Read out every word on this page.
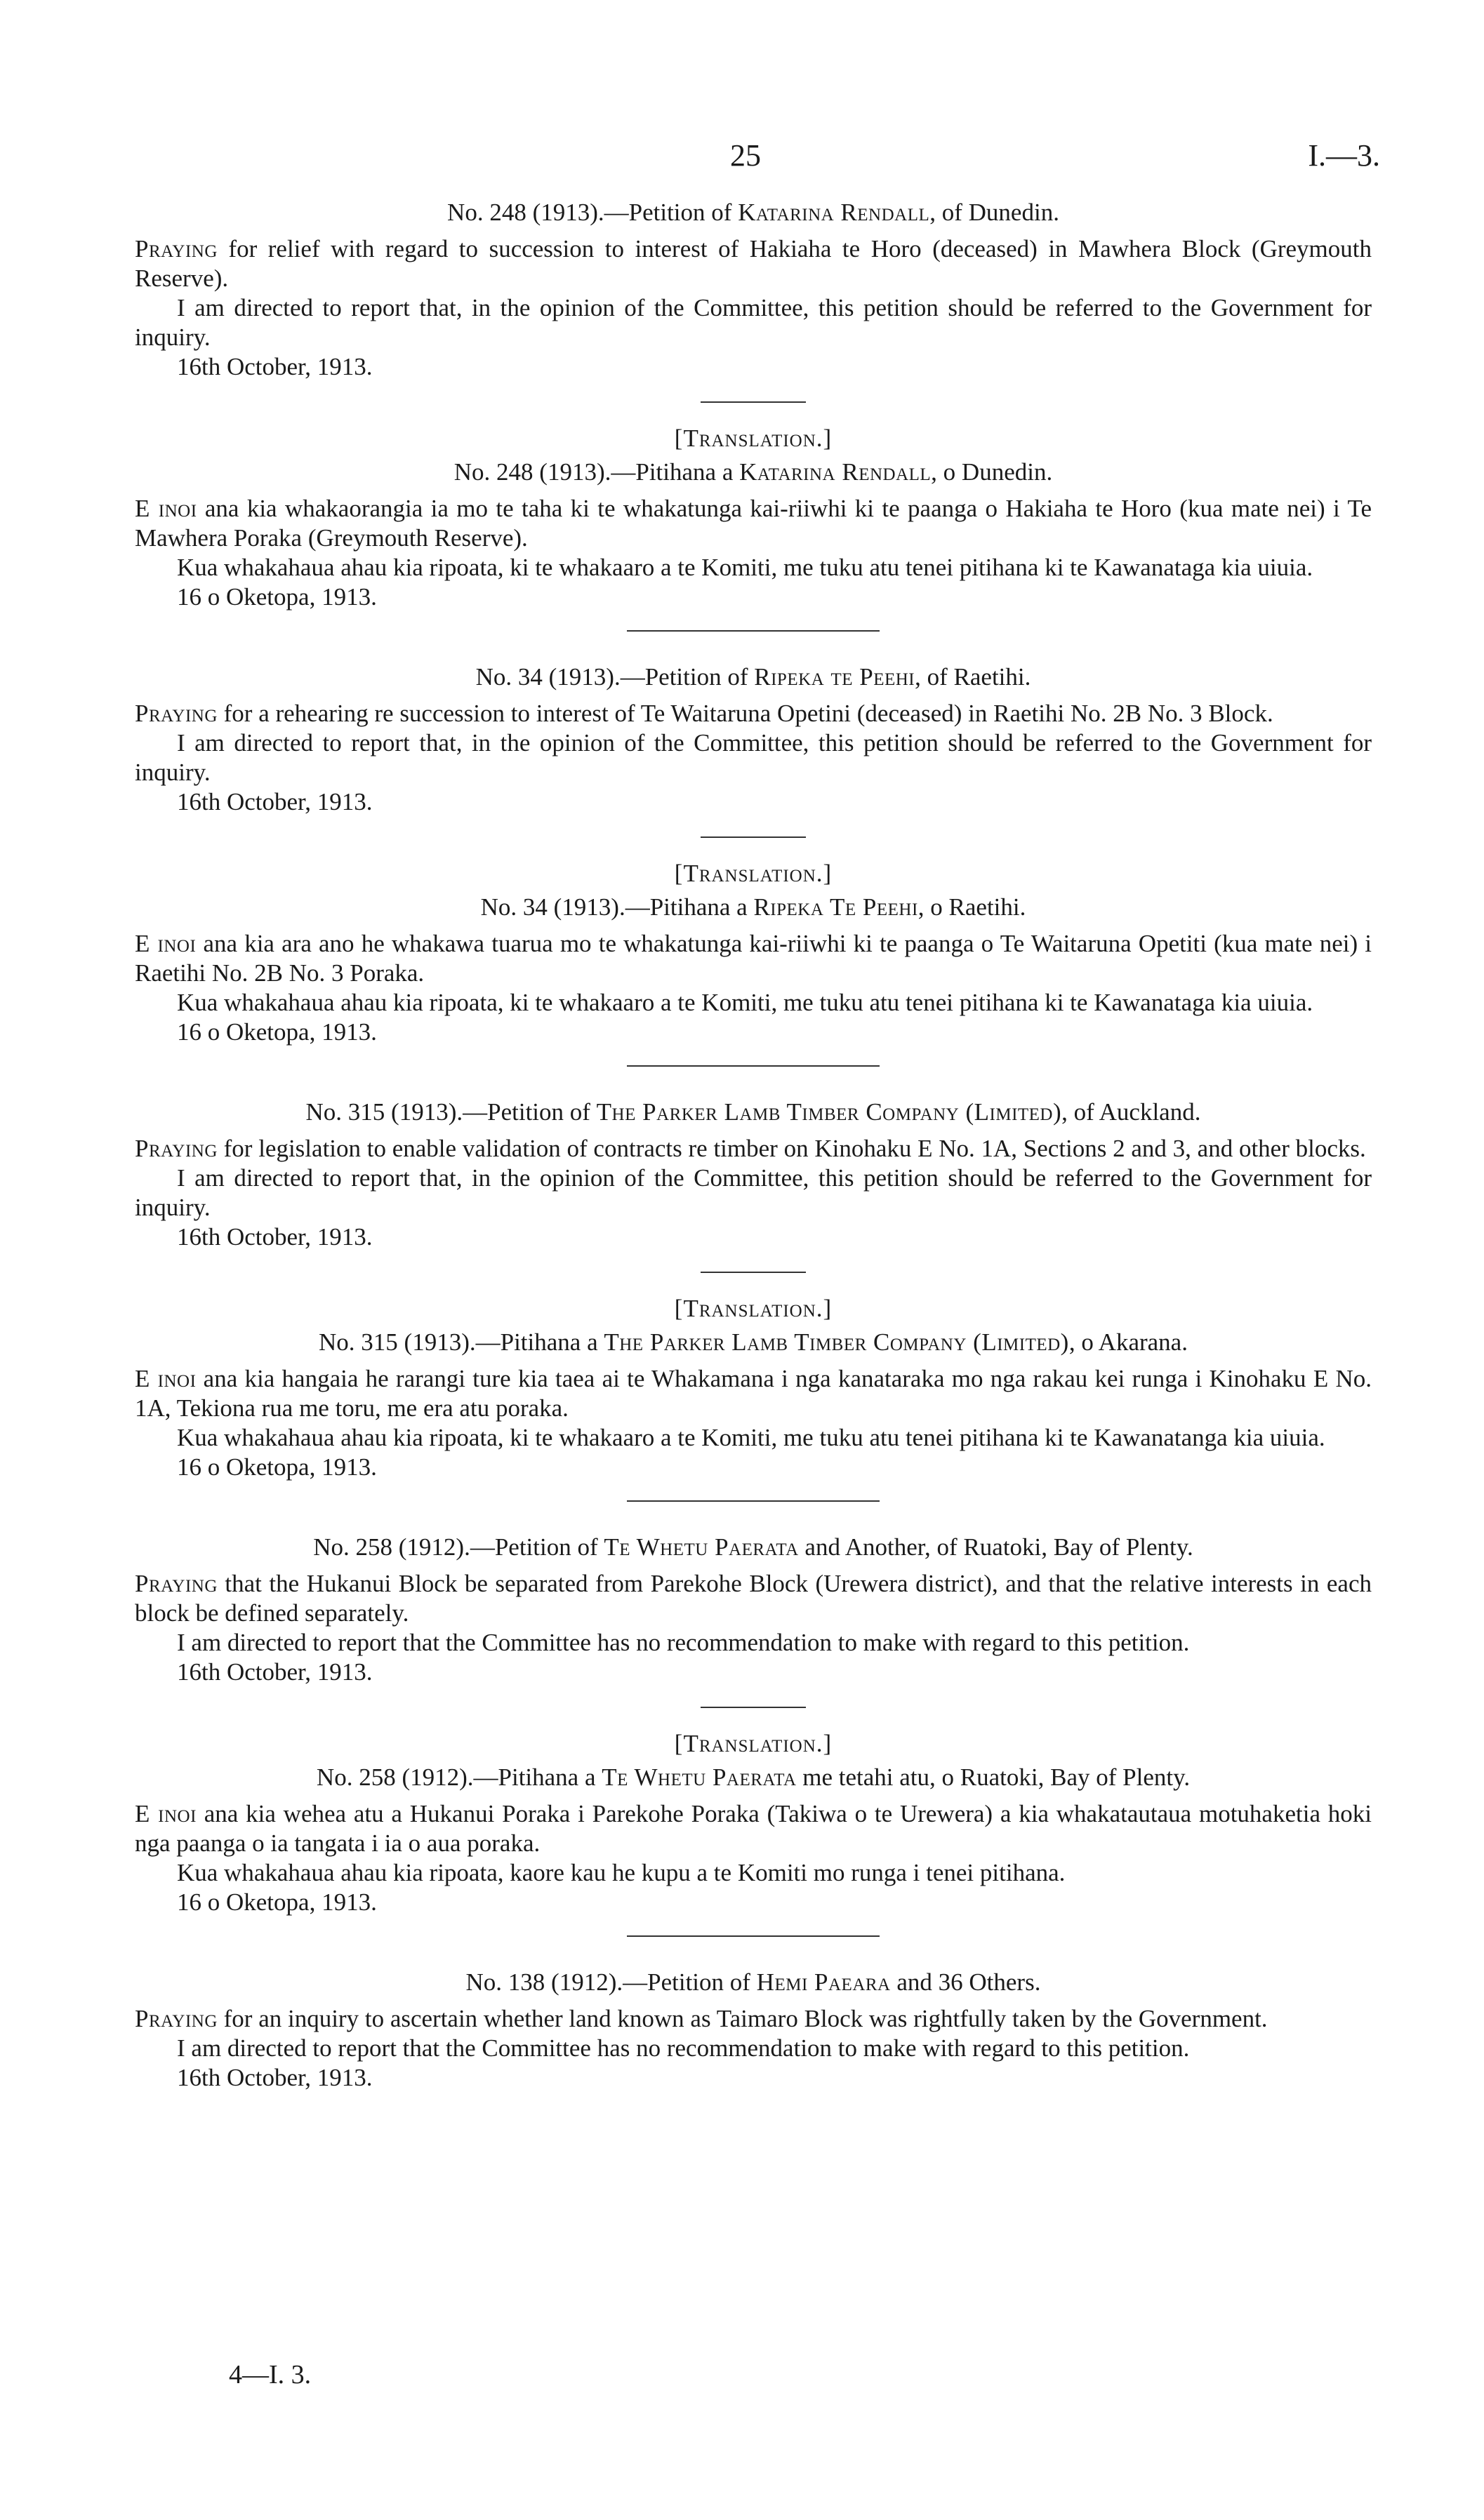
25	I.—3.

No. 248 (1913).—Petition of Katarina Rendall, of Dunedin.

Praying for relief with regard to succession to interest of Hakiaha te Horo (deceased) in Mawhera Block (Greymouth Reserve).

I am directed to report that, in the opinion of the Committee, this petition should be referred to the Government for inquiry.

16th October, 1913.

[Translation.]

No. 248 (1913).—Pitihana a Katarina Rendall, o Dunedin.

E inoi ana kia whakaorangia ia mo te taha ki te whakatunga kai-riiwhi ki te paanga o Hakiaha te Horo (kua mate nei) i Te Mawhera Poraka (Greymouth Reserve).

Kua whakahaua ahau kia ripoata, ki te whakaaro a te Komiti, me tuku atu tenei pitihana ki te Kawanataga kia uiuia.

16 o Oketopa, 1913.

No. 34 (1913).—Petition of Ripeka te Peehi, of Raetihi.

Praying for a rehearing re succession to interest of Te Waitaruna Opetini (deceased) in Raetihi No. 2B No. 3 Block.

I am directed to report that, in the opinion of the Committee, this petition should be referred to the Government for inquiry.

16th October, 1913.

[Translation.]

No. 34 (1913).—Pitihana a Ripeka Te Peehi, o Raetihi.

E inoi ana kia ara ano he whakawa tuarua mo te whakatunga kai-riiwhi ki te paanga o Te Waitaruna Opetiti (kua mate nei) i Raetihi No. 2B No. 3 Poraka.

Kua whakahaua ahau kia ripoata, ki te whakaaro a te Komiti, me tuku atu tenei pitihana ki te Kawanataga kia uiuia.

16 o Oketopa, 1913.

No. 315 (1913).—Petition of The Parker Lamb Timber Company (Limited), of Auckland.

Praying for legislation to enable validation of contracts re timber on Kinohaku E No. 1A, Sections 2 and 3, and other blocks.

I am directed to report that, in the opinion of the Committee, this petition should be referred to the Government for inquiry.

16th October, 1913.

[Translation.]

No. 315 (1913).—Pitihana a The Parker Lamb Timber Company (Limited), o Akarana.

E inoi ana kia hangaia he rarangi ture kia taea ai te Whakamana i nga kanataraka mo nga rakau kei runga i Kinohaku E No. 1A, Tekiona rua me toru, me era atu poraka.

Kua whakahaua ahau kia ripoata, ki te whakaaro a te Komiti, me tuku atu tenei pitihana ki te Kawanatanga kia uiuia.

16 o Oketopa, 1913.

No. 258 (1912).—Petition of Te Whetu Paerata and Another, of Ruatoki, Bay of Plenty.

Praying that the Hukanui Block be separated from Parekohe Block (Urewera district), and that the relative interests in each block be defined separately.

I am directed to report that the Committee has no recommendation to make with regard to this petition.

16th October, 1913.

[Translation.]

No. 258 (1912).—Pitihana a Te Whetu Paerata me tetahi atu, o Ruatoki, Bay of Plenty.

E inoi ana kia wehea atu a Hukanui Poraka i Parekohe Poraka (Takiwa o te Urewera) a kia whakatautaua motuhaketia hoki nga paanga o ia tangata i ia o aua poraka.

Kua whakahaua ahau kia ripoata, kaore kau he kupu a te Komiti mo runga i tenei pitihana.

16 o Oketopa, 1913.

No. 138 (1912).—Petition of Hemi Paeara and 36 Others.

Praying for an inquiry to ascertain whether land known as Taimaro Block was rightfully taken by the Government.

I am directed to report that the Committee has no recommendation to make with regard to this petition.

16th October, 1913.

4—I. 3.
